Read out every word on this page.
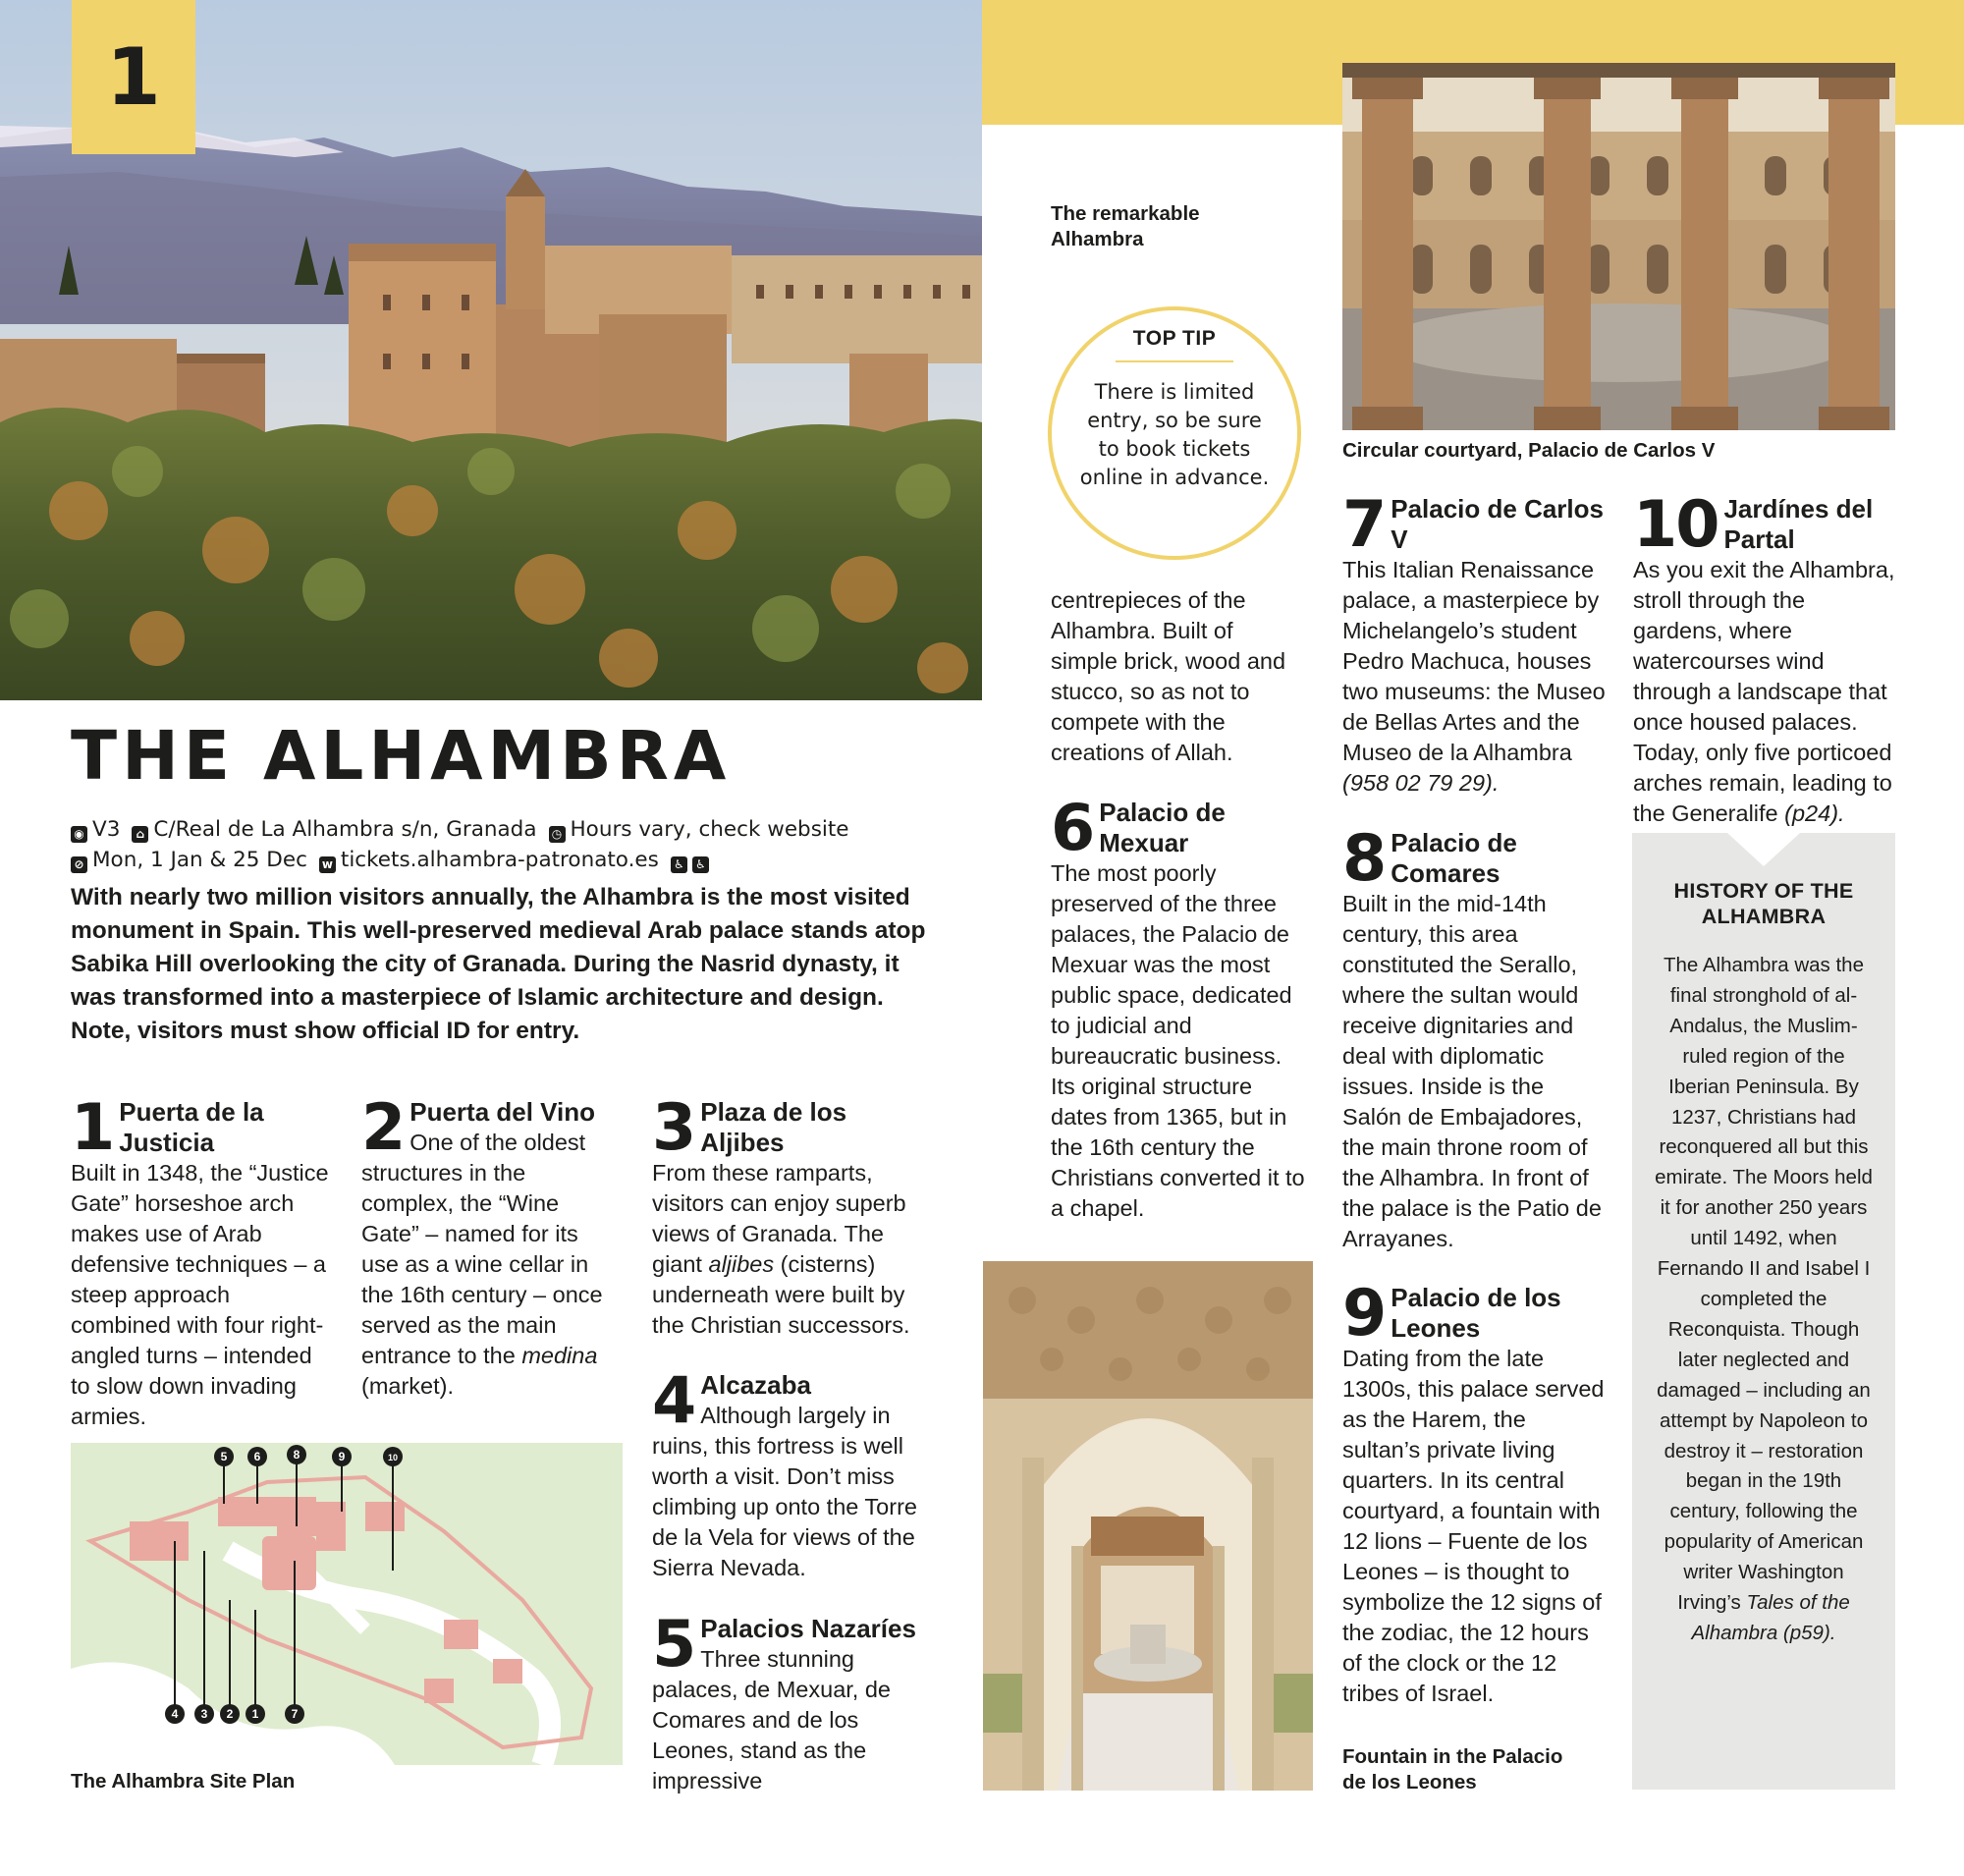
1
THE ALHAMBRA
◉ V3 ⌂ C/Real de La Alhambra s/n, Granada ◷ Hours vary, check website
⊘ Mon, 1 Jan & 25 Dec w tickets.alhambra-patronato.es ♿ ♿
With nearly two million visitors annually, the Alhambra is the most visited monument in Spain. This well-preserved medieval Arab palace stands atop Sabika Hill overlooking the city of Granada. During the Nasrid dynasty, it was transformed into a masterpiece of Islamic architecture and design. Note, visitors must show official ID for entry.
1 Puerta de la Justicia
Built in 1348, the “Justice Gate” horseshoe arch makes use of Arab defensive techniques – a steep approach combined with four right-angled turns – intended to slow down invading armies.
2 Puerta del Vino
One of the oldest structures in the complex, the “Wine Gate” – named for its use as a wine cellar in the 16th century – once served as the main entrance to the medina (market).
3 Plaza de los Aljibes
From these ramparts, visitors can enjoy superb views of Granada. The giant aljibes (cisterns) underneath were built by the Christian successors.
4 Alcazaba
Although largely in ruins, this fortress is well worth a visit. Don’t miss climbing up onto the Torre de la Vela for views of the Sierra Nevada.
5 Palacios Nazaríes
Three stunning palaces, de Mexuar, de Comares and de los Leones, stand as the impressive
centrepieces of the Alhambra. Built of simple brick, wood and stucco, so as not to compete with the creations of Allah.
6 Palacio de Mexuar
The most poorly preserved of the three palaces, the Palacio de Mexuar was the most public space, dedicated to judicial and bureaucratic business. Its original structure dates from 1365, but in the 16th century the Christians converted it to a chapel.
7 Palacio de Carlos V
This Italian Renaissance palace, a masterpiece by Michelangelo’s student Pedro Machuca, houses two museums: the Museo de Bellas Artes and the Museo de la Alhambra (958 02 79 29).
8 Palacio de Comares
Built in the mid-14th century, this area constituted the Serallo, where the sultan would receive dignitaries and deal with diplomatic issues. Inside is the Salón de Embajadores, the main throne room of the Alhambra. In front of the palace is the Patio de Arrayanes.
9 Palacio de los Leones
Dating from the late 1300s, this palace served as the Harem, the sultan’s private living quarters. In its central courtyard, a fountain with 12 lions – Fuente de los Leones – is thought to symbolize the 12 signs of the zodiac, the 12 hours of the clock or the 12 tribes of Israel.
10 Jardínes del Partal
As you exit the Alhambra, stroll through the gardens, where watercourses wind through a landscape that once housed palaces. Today, only five porticoed arches remain, leading to the Generalife (p24).
The remarkable Alhambra
Circular courtyard, Palacio de Carlos V
Fountain in the Palacio de los Leones
TOP TIP
There is limited entry, so be sure to book tickets online in advance.
5 6	8	9	10
4 3 2 1	7
The Alhambra Site Plan
HISTORY OF THE ALHAMBRA
The Alhambra was the final stronghold of al-Andalus, the Muslim-ruled region of the Iberian Peninsula. By 1237, Christians had reconquered all but this emirate. The Moors held it for another 250 years until 1492, when Fernando II and Isabel I completed the Reconquista. Though later neglected and damaged – including an attempt by Napoleon to destroy it – restoration began in the 19th century, following the popularity of American writer Washington Irving’s Tales of the Alhambra (p59).
